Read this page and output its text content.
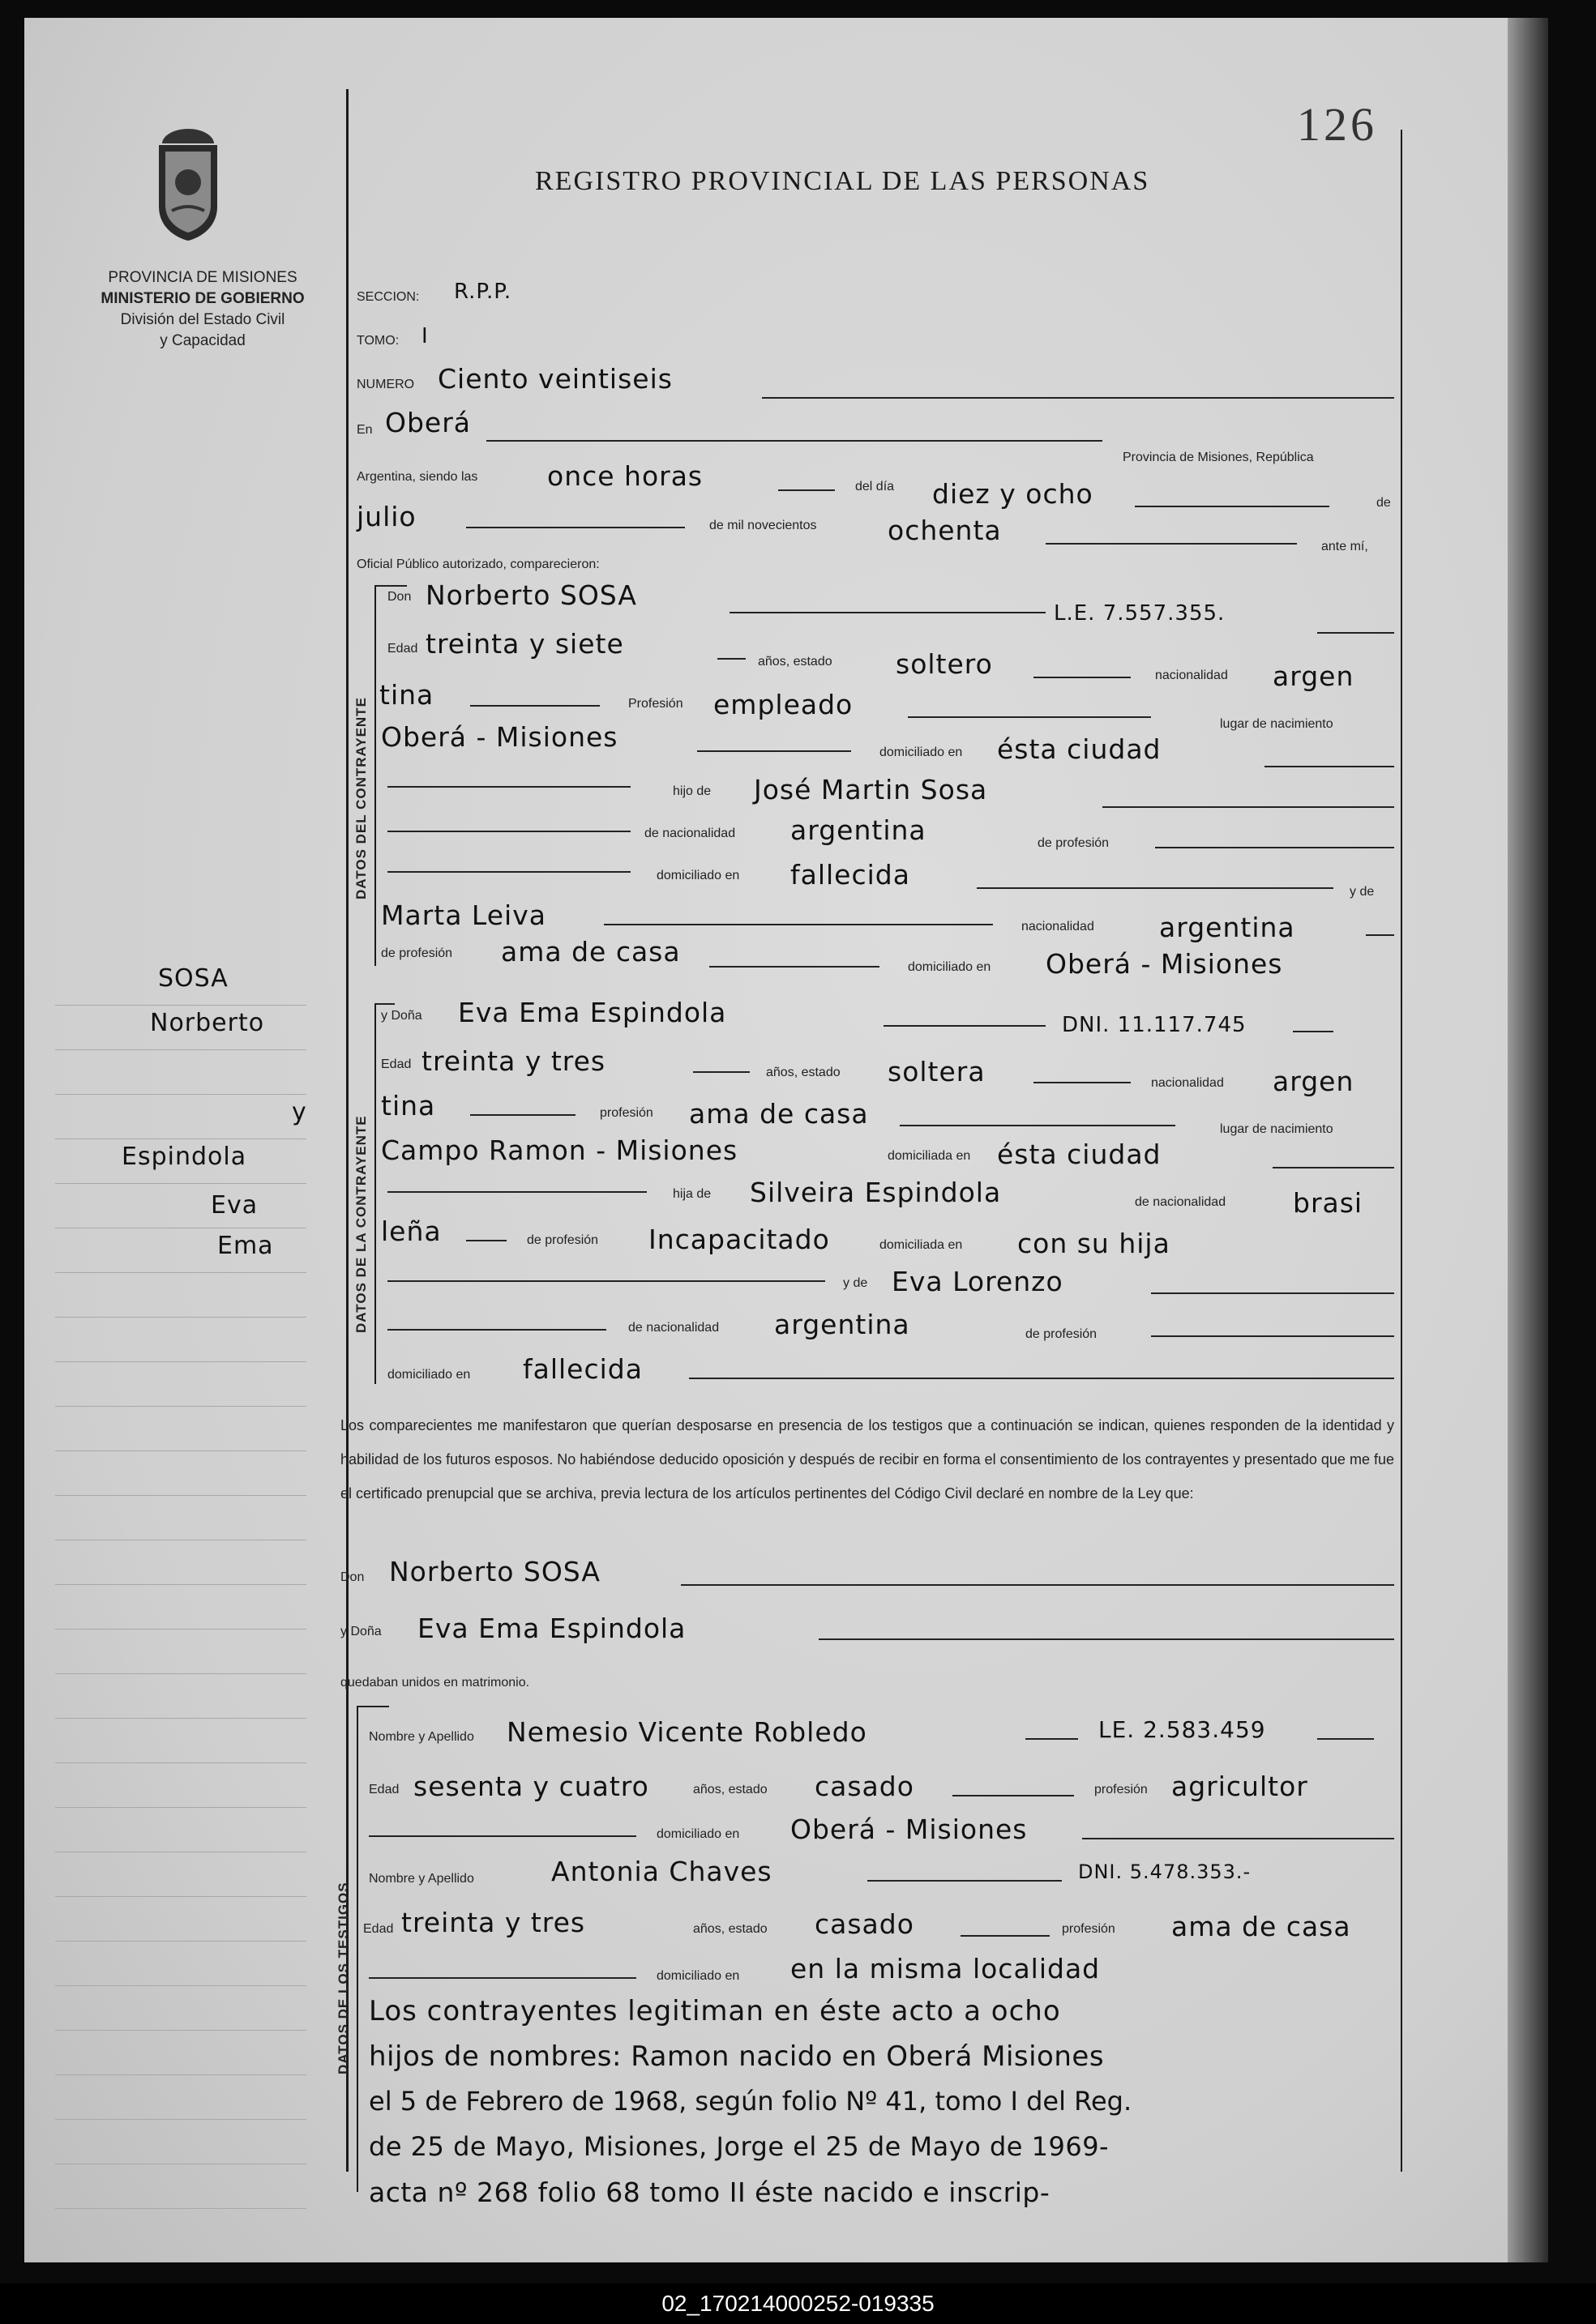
126
REGISTRO PROVINCIAL DE LAS PERSONAS
PROVINCIA DE MISIONES
MINISTERIO DE GOBIERNO
División del Estado Civil
y Capacidad
SOSA
Norberto
y
Espindola
Eva
Ema
SECCION: R.P.P.
TOMO: I
NUMERO Ciento veintiseis
En Oberá
Provincia de Misiones, República
Argentina, siendo las	once horas	del día diez y ocho	de
julio	de mil novecientos	ochenta
ante mí,
Oficial Público autorizado, comparecieron:
DATOS DEL CONTRAYENTE
Don Norberto SOSA
L.E. 7.557.355.
Edad treinta y siete
años, estado soltero	nacionalidad argen
tina	Profesión empleado
lugar de nacimiento
Oberá - Misiones	domiciliado en ésta ciudad
hijo de José Martin Sosa
de nacionalidad argentina	de profesión
domiciliado en fallecida
y de
Marta Leiva	nacionalidad argentina
de profesión ama de casa	domiciliado en Oberá - Misiones
DATOS DE LA CONTRAYENTE
y Doña Eva Ema Espindola	DNI. 11.117.745
Edad treinta y tres	años, estado soltera	nacionalidad argen
tina	profesión ama de casa	lugar de nacimiento
Campo Ramon - Misiones	domiciliada en ésta ciudad
hija de Silveira Espindola	de nacionalidad	brasi
leña	de profesión Incapacitado	domiciliada en con su hija
y de Eva Lorenzo
de nacionalidad argentina	de profesión
domiciliado en fallecida
Los comparecientes me manifestaron que querían desposarse en presencia de los testigos que a continuación se indican, quienes responden de la identidad y habilidad de los futuros esposos. No habiéndose deducido oposición y después de recibir en forma el consentimiento de los contrayentes y presentado que me fue el certificado prenupcial que se archiva, previa lectura de los artículos pertinentes del Código Civil declaré en nombre de la Ley que:
Don Norberto SOSA
y Doña Eva Ema Espindola
quedaban unidos en matrimonio.
DATOS DE LOS TESTIGOS
Nombre y Apellido Nemesio Vicente Robledo	LE. 2.583.459
Edad sesenta y cuatro	años, estado casado	profesión agricultor
domiciliado en Oberá - Misiones
Nombre y Apellido	Antonia Chaves	DNI. 5.478.353.-
Edad treinta y tres	años, estado casado	profesión ama de casa
domiciliado en en la misma localidad
Los contrayentes legitiman en éste acto a ocho
hijos de nombres: Ramon nacido en Oberá Misiones
el 5 de Febrero de 1968, según folio Nº 41, tomo I del Reg.
de 25 de Mayo, Misiones, Jorge el 25 de Mayo de 1969-
acta nº 268 folio 68 tomo II éste nacido e inscrip-
02_170214000252-019335
